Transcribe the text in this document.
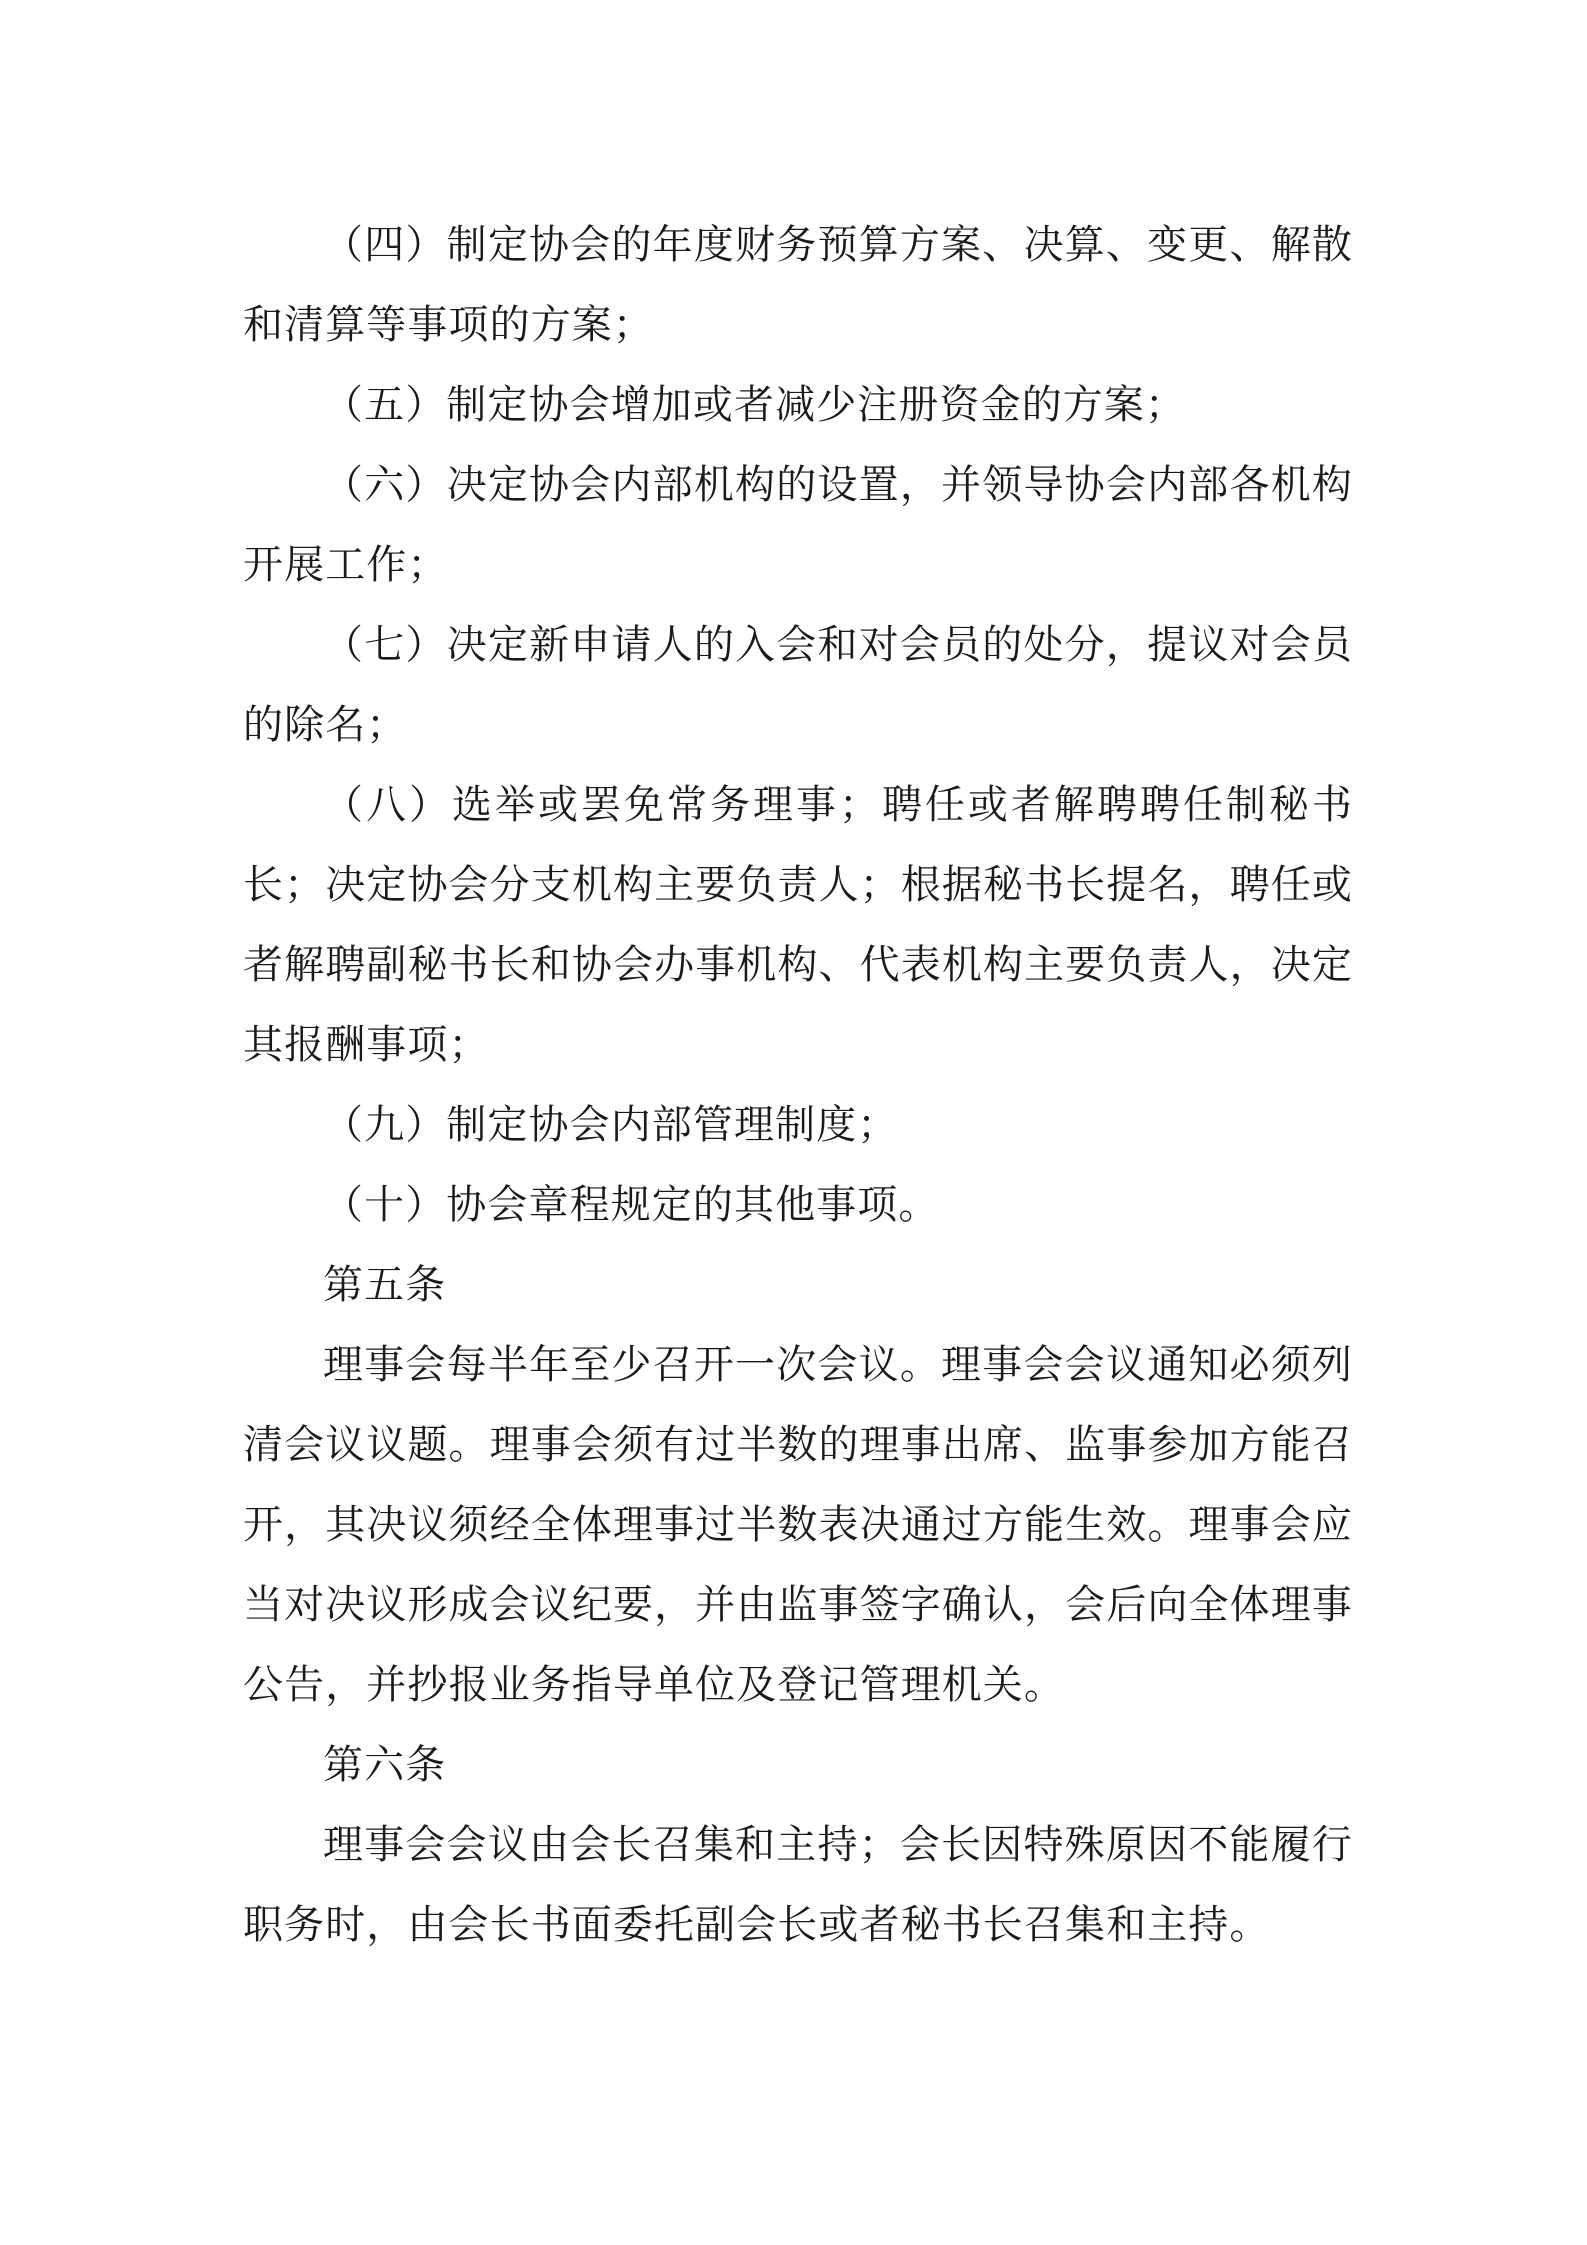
（四）制定协会的年度财务预算方案、决算、变更、解散和清算等事项的方案；

（五）制定协会增加或者减少注册资金的方案；

（六）决定协会内部机构的设置，并领导协会内部各机构开展工作；

（七）决定新申请人的入会和对会员的处分，提议对会员的除名；

（八）选举或罢免常务理事；聘任或者解聘聘任制秘书长；决定协会分支机构主要负责人；根据秘书长提名，聘任或者解聘副秘书长和协会办事机构、代表机构主要负责人，决定其报酬事项；

（九）制定协会内部管理制度；

（十）协会章程规定的其他事项。

第五条

理事会每半年至少召开一次会议。理事会会议通知必须列清会议议题。理事会须有过半数的理事出席、监事参加方能召开，其决议须经全体理事过半数表决通过方能生效。理事会应当对决议形成会议纪要，并由监事签字确认，会后向全体理事公告，并抄报业务指导单位及登记管理机关。

第六条

理事会会议由会长召集和主持；会长因特殊原因不能履行职务时，由会长书面委托副会长或者秘书长召集和主持。
